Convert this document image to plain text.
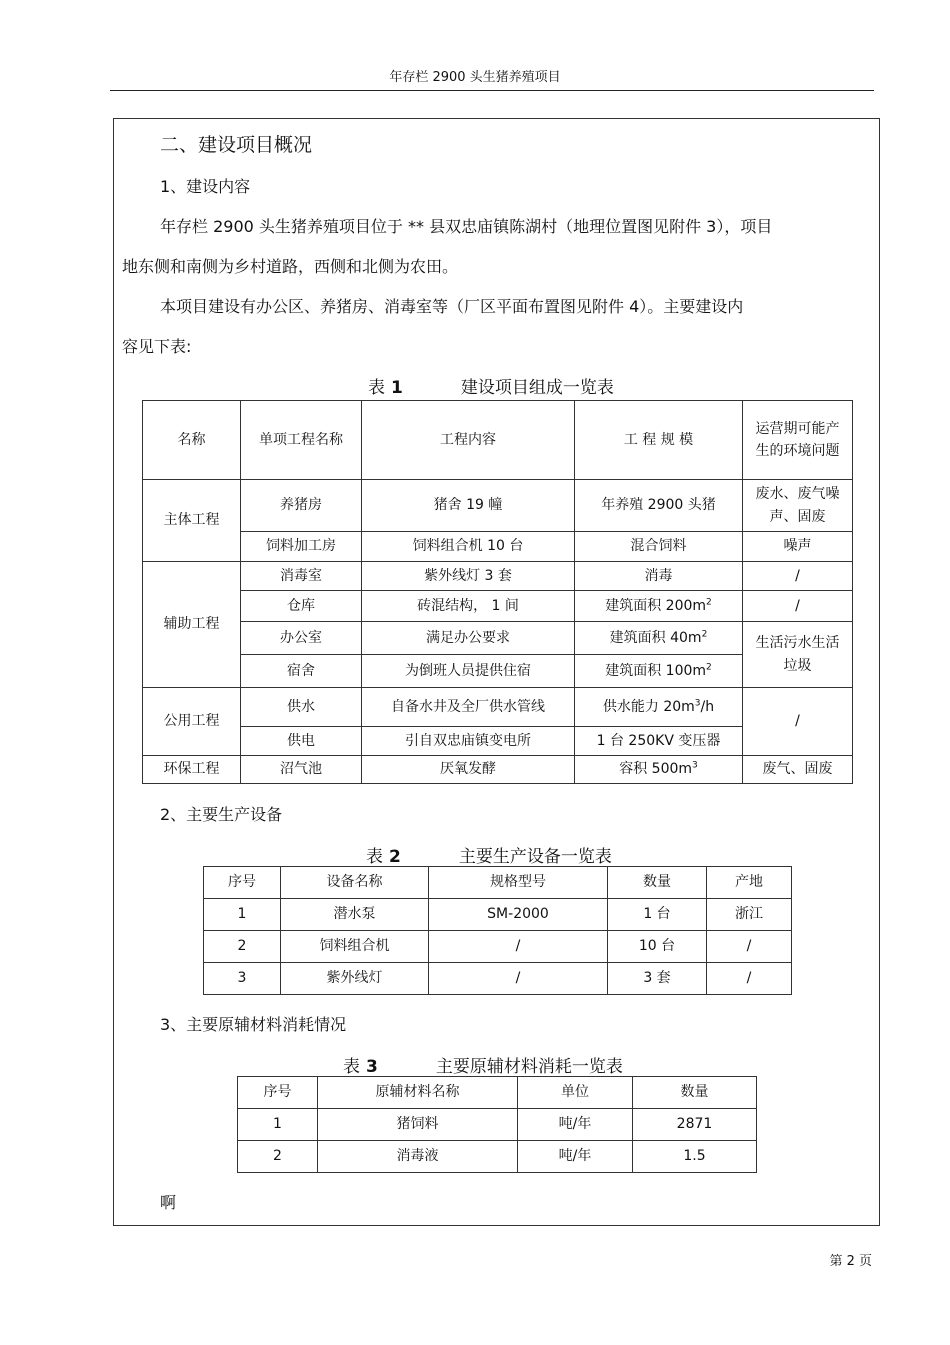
年存栏 2900 头生猪养殖项目
二、建设项目概况
1、建设内容
年存栏 2900 头生猪养殖项目位于 ** 县双忠庙镇陈湖村（地理位置图见附件 3），项目
地东侧和南侧为乡村道路，西侧和北侧为农田。
本项目建设有办公区、养猪房、消毒室等（厂区平面布置图见附件 4）。主要建设内
容见下表:
表 1	建设项目组成一览表
名称	单项工程名称	工程内容	工 程 规 模	运营期可能产生的环境问题
主体工程	养猪房	猪舍 19 幢	年养殖 2900 头猪	废水、废气噪声、固废
	饲料加工房	饲料组合机 10 台	混合饲料	噪声
辅助工程	消毒室	紫外线灯 3 套	消毒	/
	仓库	砖混结构， 1 间	建筑面积 $200m^2$	/
	办公室	满足办公要求	建筑面积 $40m^2$	生活污水生活垃圾
	宿舍	为倒班人员提供住宿	建筑面积 $100m^2$
公用工程	供水	自备水井及全厂供水管线	供水能力 $20m^3/h$	/
	供电	引自双忠庙镇变电所	1 台 250KV 变压器	
环保工程	沼气池	厌氧发酵	容积 $500m^3$	废气、固废
2、主要生产设备
表 2	主要生产设备一览表
序号	设备名称	规格型号	数量	产地
1	潜水泵	SM-2000	1 台	浙江
2	饲料组合机	/	10 台	/
3	紫外线灯	/	3 套	/
3、主要原辅材料消耗情况
表 3	主要原辅材料消耗一览表
序号	原辅材料名称	单位	数量
1	猪饲料	吨/年	2871
2	消毒液	吨/年	1.5
啊
第 2 页
